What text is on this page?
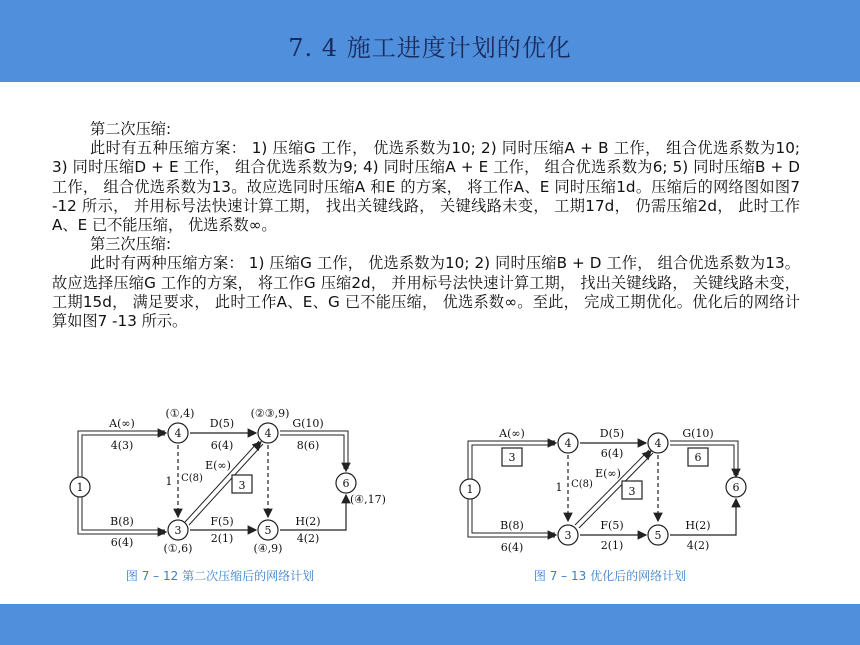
7. 4 施工进度计划的优化

第二次压缩:

此时有五种压缩方案： 1) 压缩G 工作， 优选系数为10; 2) 同时压缩A + B 工作， 组合优选系数为10; 3) 同时压缩D + E 工作， 组合优选系数为9; 4) 同时压缩A + E 工作， 组合优选系数为6; 5) 同时压缩B + D 工作， 组合优选系数为13。故应选同时压缩A 和E 的方案， 将工作A、E 同时压缩1d。压缩后的网络图如图7 -12 所示， 并用标号法快速计算工期， 找出关键线路， 关键线路未变， 工期17d， 仍需压缩2d， 此时工作A、E 已不能压缩， 优选系数∞。

第三次压缩:

此时有两种压缩方案： 1) 压缩G 工作， 优选系数为10; 2) 同时压缩B + D 工作， 组合优选系数为13。故应选择压缩G 工作的方案， 将工作G 压缩2d， 并用标号法快速计算工期， 找出关键线路， 关键线路未变， 工期15d， 满足要求， 此时工作A、E、G 已不能压缩， 优选系数∞。至此， 完成工期优化。优化后的网络计算如图7 -13 所示。

1
3
4	4
5
6
A(∞)
4(3)
B(8)
6(4)
C(8)
1
D(5)
6(4)
E(∞)
3
F(5)
2(1)
G(10)
8(6)
H(2)
4(2)
(①,4)	(②③,9)
(①,6)	(④,9)
(④,17)
图 7 – 12 第二次压缩后的网络计划
1
3
4	4
5
6
A(∞)
3
B(8)
6(4)
C(8)
1
D(5)
6(4)
E(∞)
3
F(5)
2(1)
G(10)
6
H(2)
4(2)
图 7 – 13 优化后的网络计划
